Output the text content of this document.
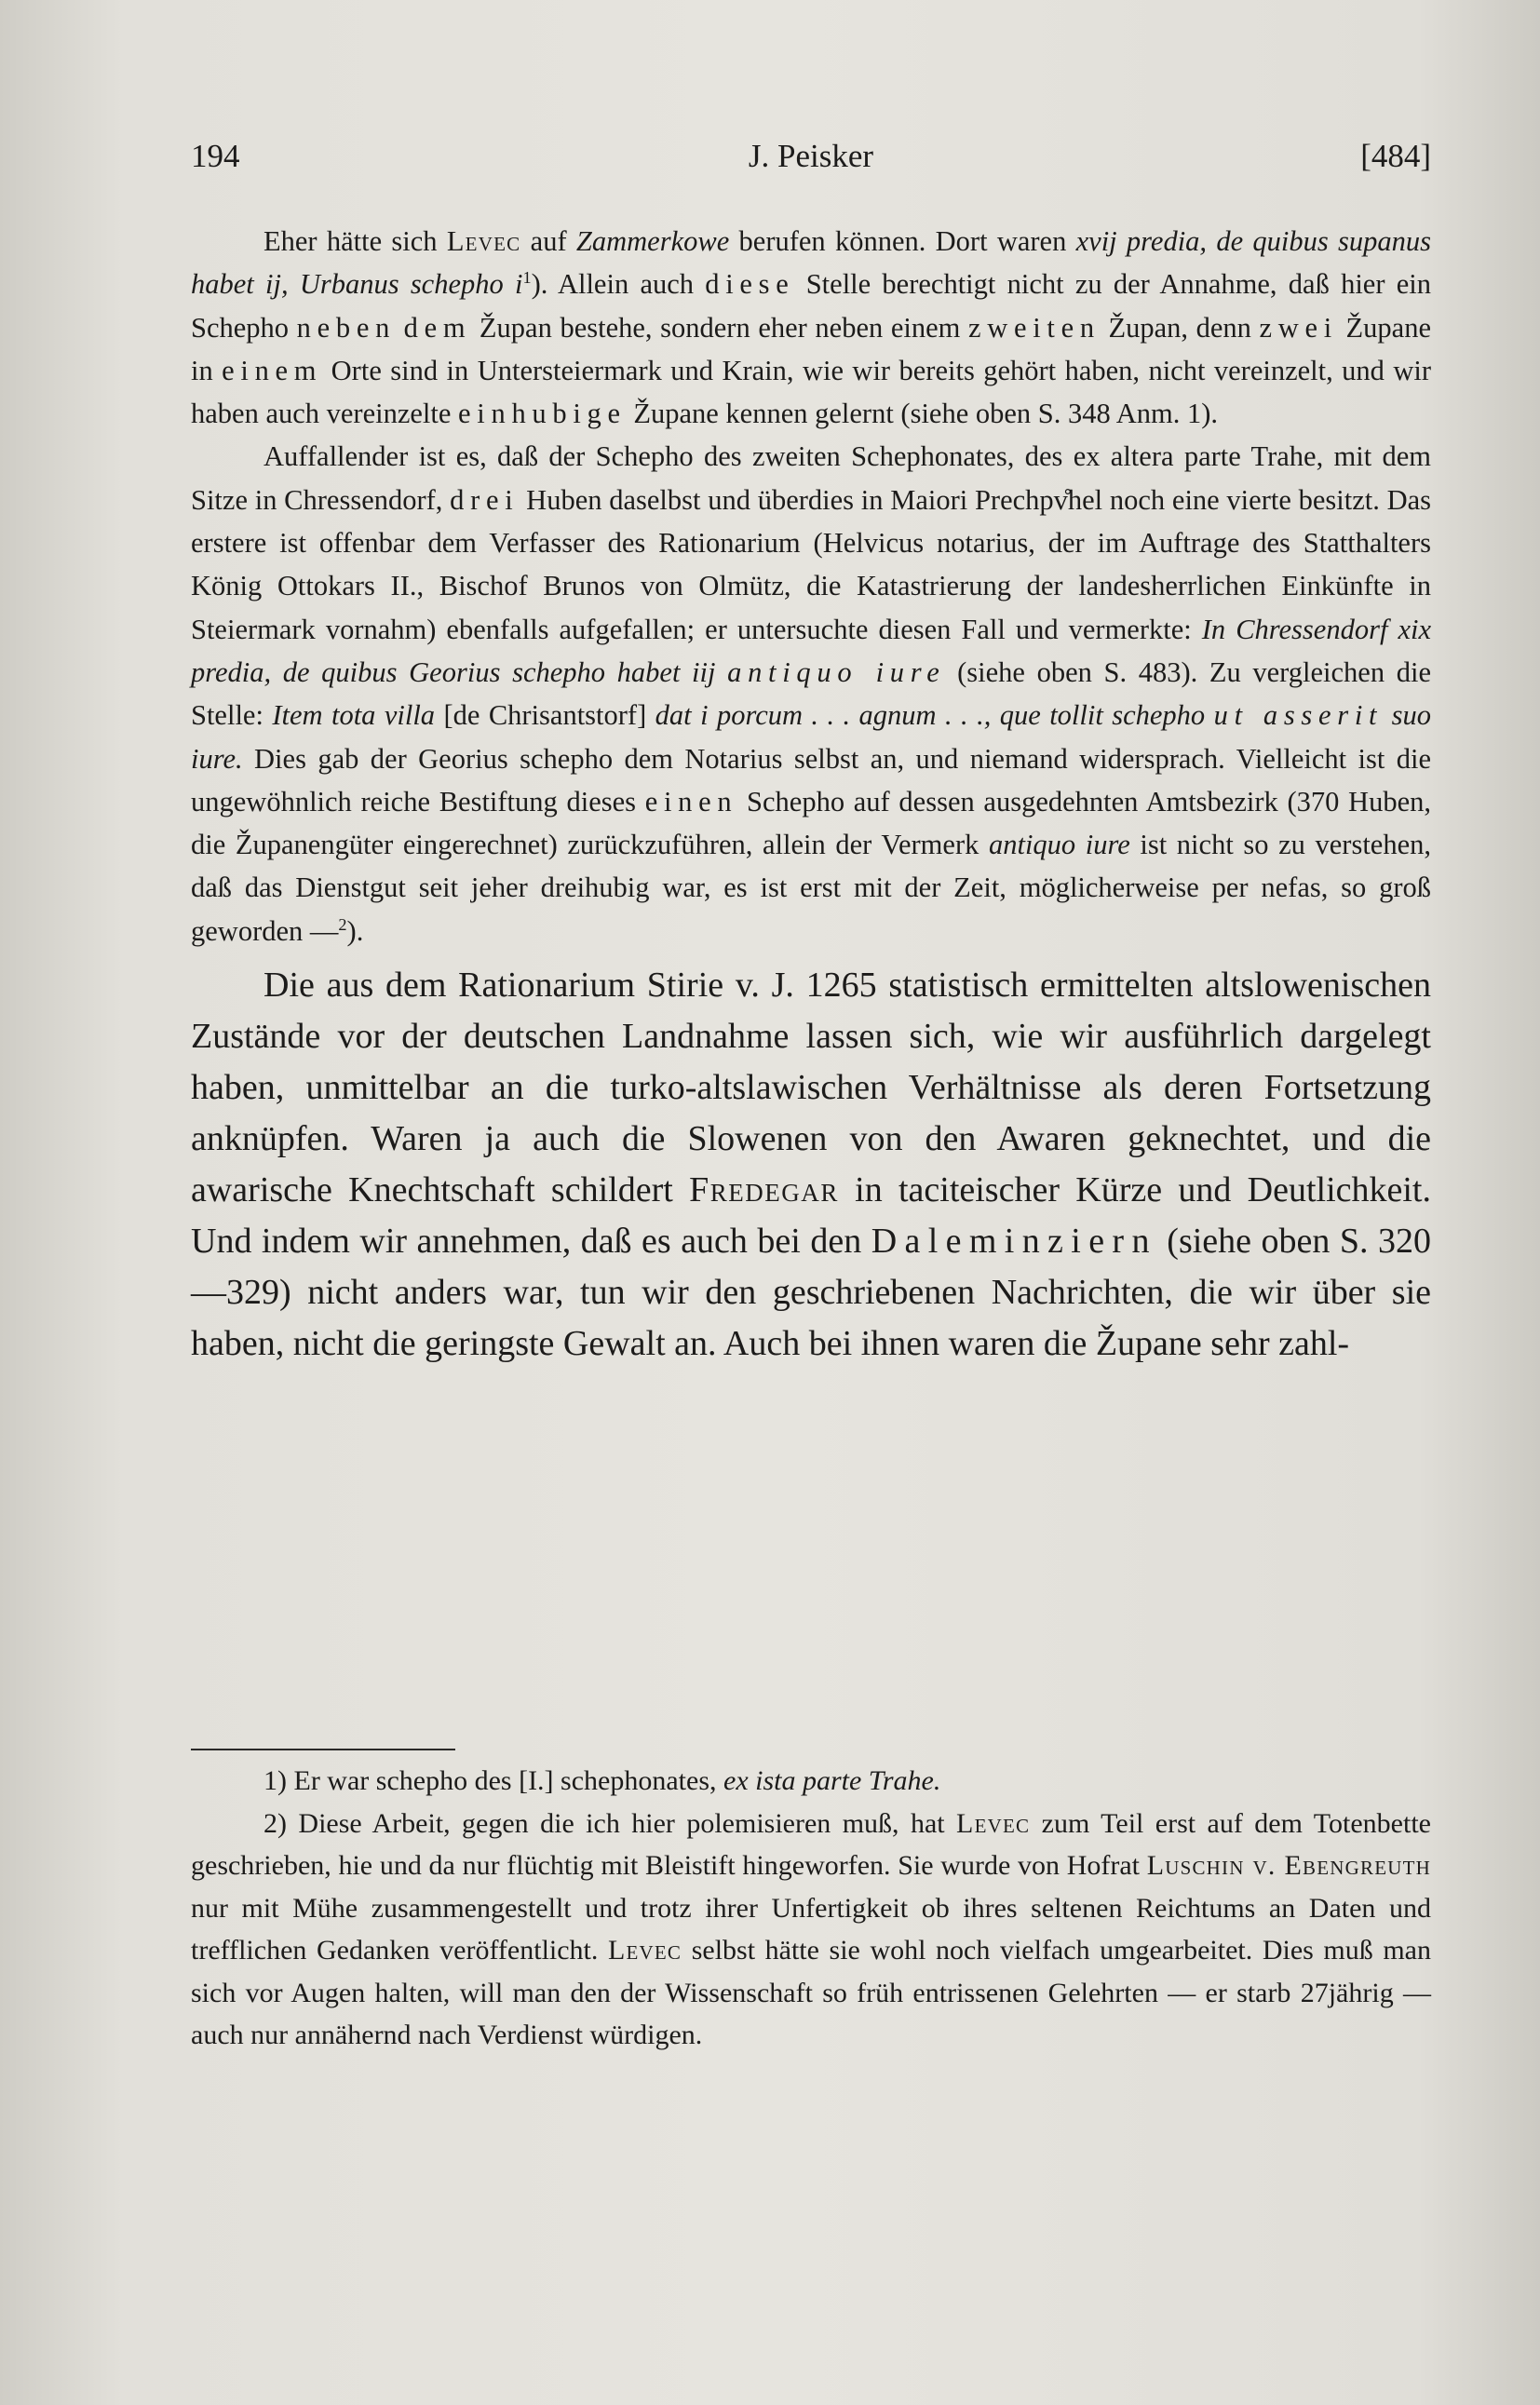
194	J. Peisker	[484]

Eher hätte sich Levec auf Zammerkowe berufen können. Dort waren xvij predia, de quibus supanus habet ij, Urbanus schepho $i^1$). Allein auch diese Stelle berechtigt nicht zu der Annahme, daß hier ein Schepho neben dem Župan bestehe, sondern eher neben einem zweiten Župan, denn zwei Župane in einem Orte sind in Untersteiermark und Krain, wie wir bereits gehört haben, nicht vereinzelt, und wir haben auch vereinzelte einhubige Župane kennen gelernt (siehe oben S. 348 Anm. 1).

Auffallender ist es, daß der Schepho des zweiten Schephonates, des ex altera parte Trahe, mit dem Sitze in Chressendorf, drei Huben daselbst und überdies in Maiori Prechpv̊hel noch eine vierte besitzt. Das erstere ist offenbar dem Verfasser des Rationarium (Helvicus notarius, der im Auftrage des Statthalters König Ottokars II., Bischof Brunos von Olmütz, die Katastrierung der landesherrlichen Einkünfte in Steiermark vornahm) ebenfalls aufgefallen; er untersuchte diesen Fall und vermerkte: In Chressendorf xix predia, de quibus Georius schepho habet iij antiquo iure (siehe oben S. 483). Zu vergleichen die Stelle: Item tota villa [de Chrisantstorf] dat i porcum . . . agnum . . ., que tollit schepho ut asserit suo iure. Dies gab der Georius schepho dem Notarius selbst an, und niemand widersprach. Vielleicht ist die ungewöhnlich reiche Bestiftung dieses einen Schepho auf dessen ausgedehnten Amtsbezirk (370 Huben, die Županengüter eingerechnet) zurückzuführen, allein der Vermerk antiquo iure ist nicht so zu verstehen, daß das Dienstgut seit jeher dreihubig war, es ist erst mit der Zeit, möglicherweise per nefas, so groß geworden —$^2$).

Die aus dem Rationarium Stirie v. J. 1265 statistisch ermittelten altslowenischen Zustände vor der deutschen Landnahme lassen sich, wie wir ausführlich dargelegt haben, unmittelbar an die turko-altslawischen Verhältnisse als deren Fortsetzung anknüpfen. Waren ja auch die Slowenen von den Awaren geknechtet, und die awarische Knechtschaft schildert Fredegar in taciteischer Kürze und Deutlichkeit. Und indem wir annehmen, daß es auch bei den Daleminziern (siehe oben S. 320—329) nicht anders war, tun wir den geschriebenen Nachrichten, die wir über sie haben, nicht die geringste Gewalt an. Auch bei ihnen waren die Župane sehr zahl-

1) Er war schepho des [I.] schephonates, ex ista parte Trahe.

2) Diese Arbeit, gegen die ich hier polemisieren muß, hat Levec zum Teil erst auf dem Totenbette geschrieben, hie und da nur flüchtig mit Bleistift hingeworfen. Sie wurde von Hofrat Luschin v. Ebengreuth nur mit Mühe zusammengestellt und trotz ihrer Unfertigkeit ob ihres seltenen Reichtums an Daten und trefflichen Gedanken veröffentlicht. Levec selbst hätte sie wohl noch vielfach umgearbeitet. Dies muß man sich vor Augen halten, will man den der Wissenschaft so früh entrissenen Gelehrten — er starb 27jährig — auch nur annähernd nach Verdienst würdigen.
